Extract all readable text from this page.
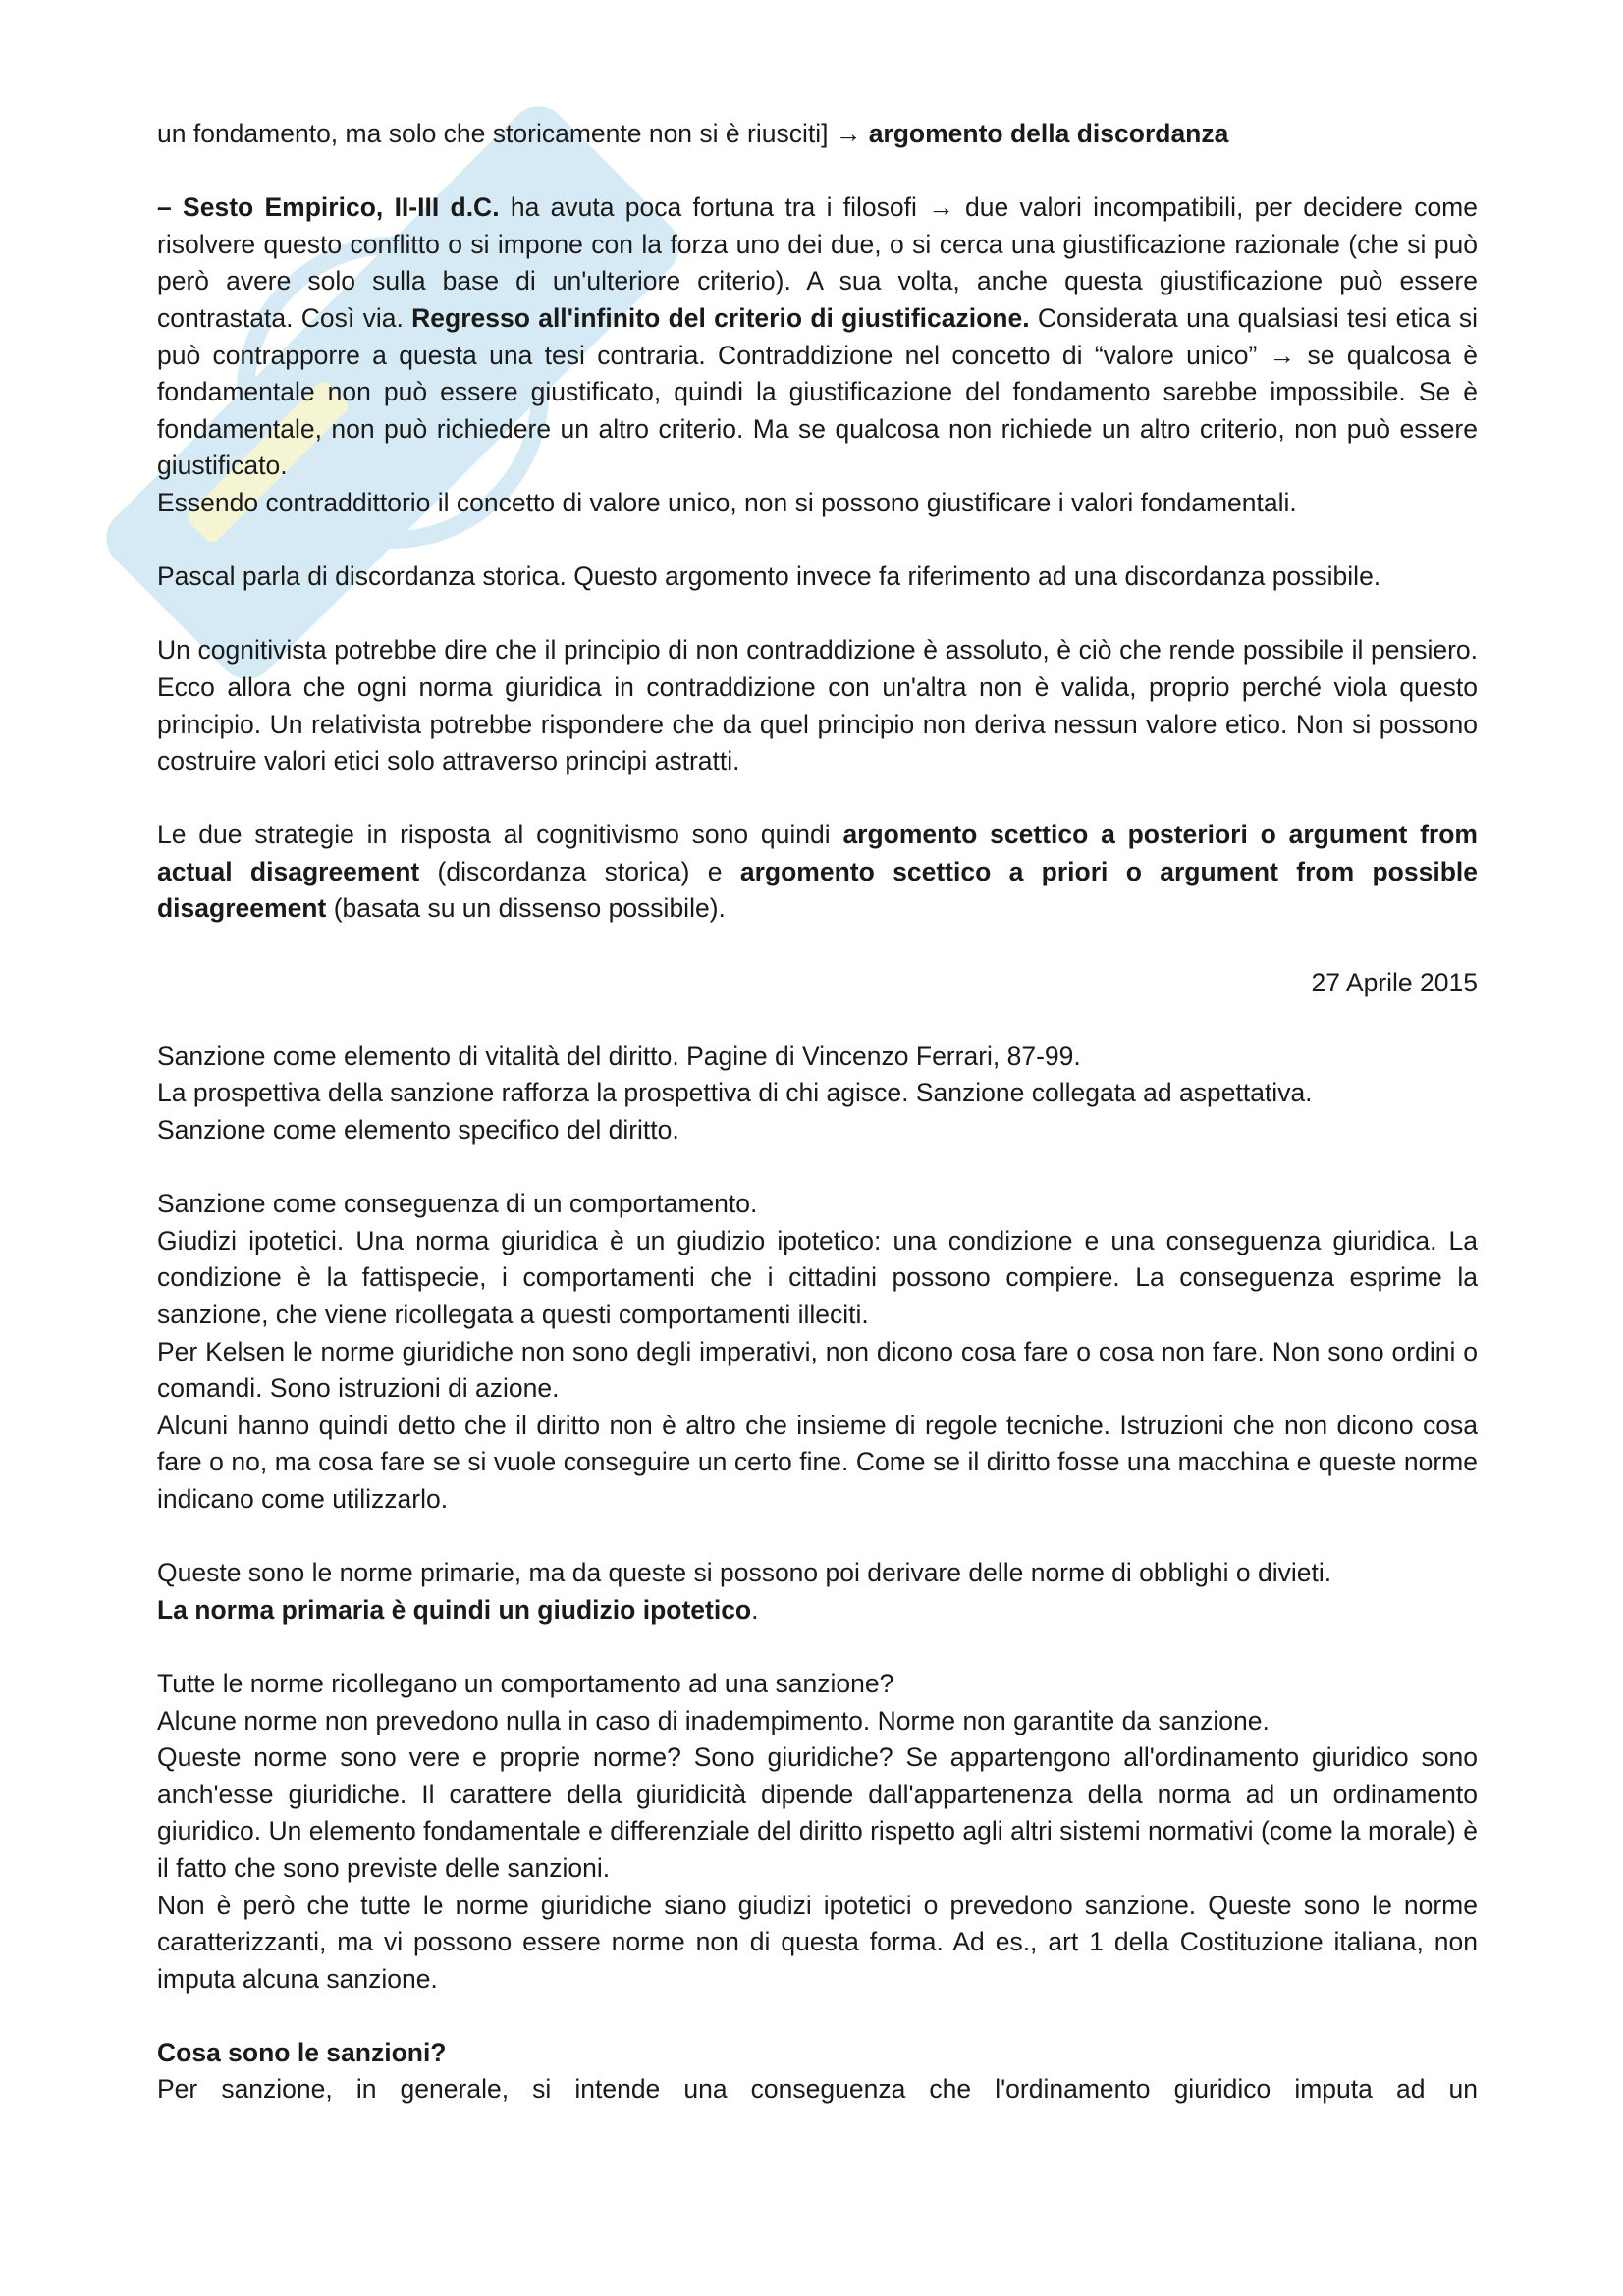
un fondamento, ma solo che storicamente non si è riusciti] → argomento della discordanza

– Sesto Empirico, II-III d.C. ha avuta poca fortuna tra i filosofi → due valori incompatibili, per decidere come risolvere questo conflitto o si impone con la forza uno dei due, o si cerca una giustificazione razionale (che si può però avere solo sulla base di un'ulteriore criterio). A sua volta, anche questa giustificazione può essere contrastata. Così via. Regresso all'infinito del criterio di giustificazione. Considerata una qualsiasi tesi etica si può contrapporre a questa una tesi contraria. Contraddizione nel concetto di “valore unico” → se qualcosa è fondamentale non può essere giustificato, quindi la giustificazione del fondamento sarebbe impossibile. Se è fondamentale, non può richiedere un altro criterio. Ma se qualcosa non richiede un altro criterio, non può essere giustificato.

Essendo contraddittorio il concetto di valore unico, non si possono giustificare i valori fondamentali.

Pascal parla di discordanza storica. Questo argomento invece fa riferimento ad una discordanza possibile.

Un cognitivista potrebbe dire che il principio di non contraddizione è assoluto, è ciò che rende possibile il pensiero. Ecco allora che ogni norma giuridica in contraddizione con un'altra non è valida, proprio perché viola questo principio. Un relativista potrebbe rispondere che da quel principio non deriva nessun valore etico. Non si possono costruire valori etici solo attraverso principi astratti.

Le due strategie in risposta al cognitivismo sono quindi argomento scettico a posteriori o argument from actual disagreement (discordanza storica) e argomento scettico a priori o argument from possible disagreement (basata su un dissenso possibile).

27 Aprile 2015

Sanzione come elemento di vitalità del diritto. Pagine di Vincenzo Ferrari, 87-99.

La prospettiva della sanzione rafforza la prospettiva di chi agisce. Sanzione collegata ad aspettativa.

Sanzione come elemento specifico del diritto.

Sanzione come conseguenza di un comportamento.

Giudizi ipotetici. Una norma giuridica è un giudizio ipotetico: una condizione e una conseguenza giuridica. La condizione è la fattispecie, i comportamenti che i cittadini possono compiere. La conseguenza esprime la sanzione, che viene ricollegata a questi comportamenti illeciti.

Per Kelsen le norme giuridiche non sono degli imperativi, non dicono cosa fare o cosa non fare. Non sono ordini o comandi. Sono istruzioni di azione.

Alcuni hanno quindi detto che il diritto non è altro che insieme di regole tecniche. Istruzioni che non dicono cosa fare o no, ma cosa fare se si vuole conseguire un certo fine. Come se il diritto fosse una macchina e queste norme indicano come utilizzarlo.

Queste sono le norme primarie, ma da queste si possono poi derivare delle norme di obblighi o divieti.

La norma primaria è quindi un giudizio ipotetico.

Tutte le norme ricollegano un comportamento ad una sanzione?

Alcune norme non prevedono nulla in caso di inadempimento. Norme non garantite da sanzione.

Queste norme sono vere e proprie norme? Sono giuridiche? Se appartengono all'ordinamento giuridico sono anch'esse giuridiche. Il carattere della giuridicità dipende dall'appartenenza della norma ad un ordinamento giuridico. Un elemento fondamentale e differenziale del diritto rispetto agli altri sistemi normativi (come la morale) è il fatto che sono previste delle sanzioni.

Non è però che tutte le norme giuridiche siano giudizi ipotetici o prevedono sanzione. Queste sono le norme caratterizzanti, ma vi possono essere norme non di questa forma. Ad es., art 1 della Costituzione italiana, non imputa alcuna sanzione.

Cosa sono le sanzioni?

Per sanzione, in generale, si intende una conseguenza che l'ordinamento giuridico imputa ad un
